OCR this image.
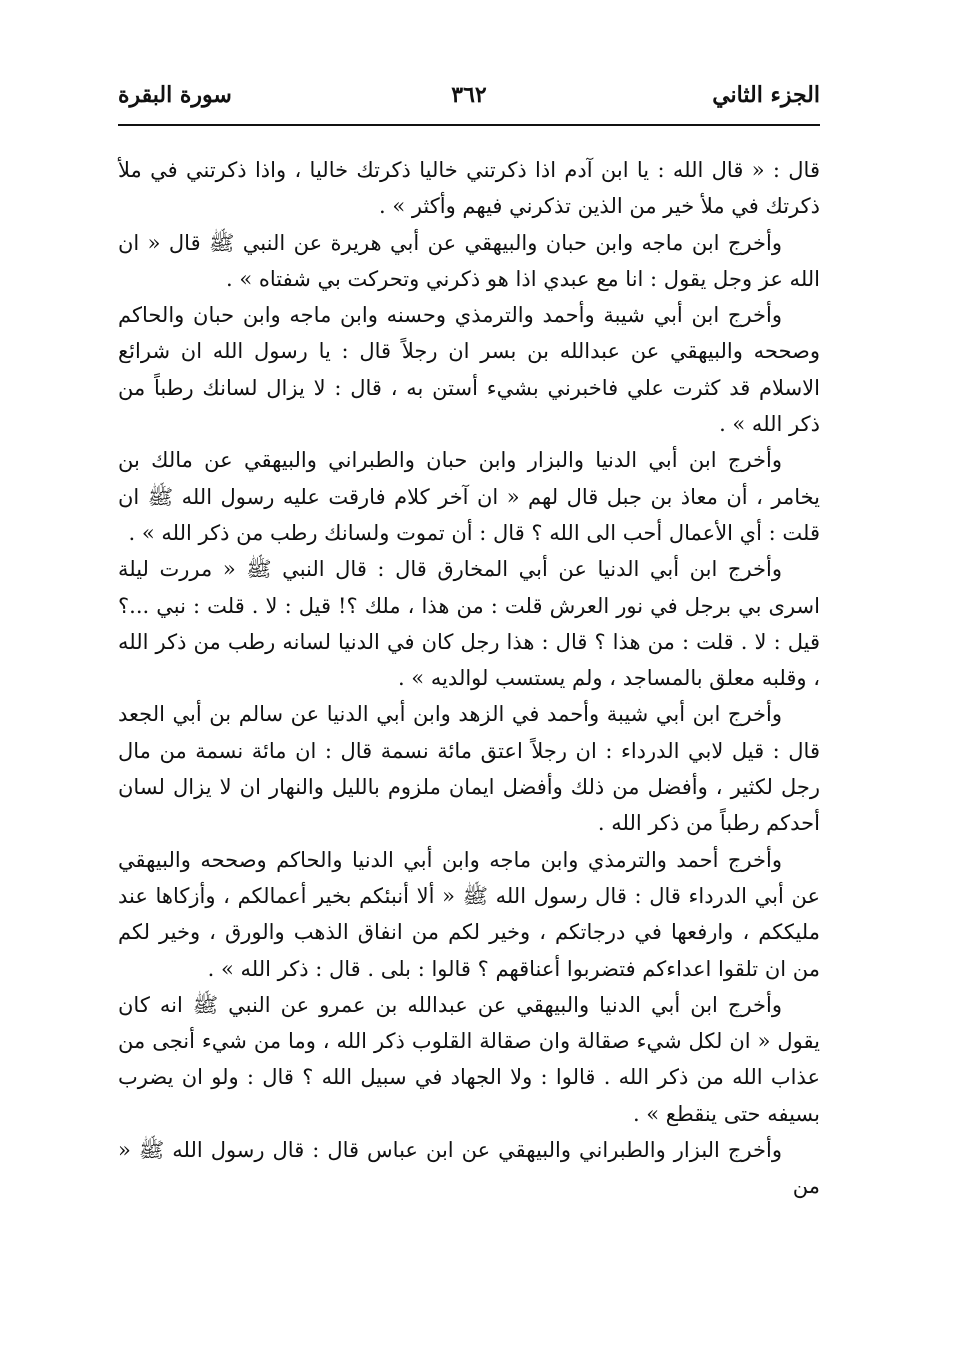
الجزء الثاني
٣٦٢
سورة البقرة

قال : « قال الله : يا ابن آدم اذا ذكرتني خاليا ذكرتك خاليا ، واذا ذكرتني في ملأ ذكرتك في ملأ خير من الذين تذكرني فيهم وأكثر » .

وأخرج ابن ماجه وابن حبان والبيهقي عن أبي هريرة عن النبي ﷺ قال « ان الله عز وجل يقول : انا مع عبدي اذا هو ذكرني وتحركت بي شفتاه » .

وأخرج ابن أبي شيبة وأحمد والترمذي وحسنه وابن ماجه وابن حبان والحاكم وصححه والبيهقي عن عبدالله بن بسر ان رجلاً قال : يا رسول الله ان شرائع الاسلام قد كثرت علي فاخبرني بشيء أستن به ، قال : لا يزال لسانك رطباً من ذكر الله » .

وأخرج ابن أبي الدنيا والبزار وابن حبان والطبراني والبيهقي عن مالك بن يخامر ، أن معاذ بن جبل قال لهم « ان آخر كلام فارقت عليه رسول الله ﷺ ان قلت : أي الأعمال أحب الى الله ؟ قال : أن تموت ولسانك رطب من ذكر الله » .

وأخرج ابن أبي الدنيا عن أبي المخارق قال : قال النبي ﷺ « مررت ليلة اسرى بي برجل في نور العرش قلت : من هذا ، ملك ؟! قيل : لا . قلت : نبي ...؟ قيل : لا . قلت : من هذا ؟ قال : هذا رجل كان في الدنيا لسانه رطب من ذكر الله ، وقلبه معلق بالمساجد ، ولم يستسب لوالديه » .

وأخرج ابن أبي شيبة وأحمد في الزهد وابن أبي الدنيا عن سالم بن أبي الجعد قال : قيل لابي الدرداء : ان رجلاً اعتق مائة نسمة قال : ان مائة نسمة من مال رجل لكثير ، وأفضل من ذلك وأفضل ايمان ملزوم بالليل والنهار ان لا يزال لسان أحدكم رطباً من ذكر الله .

وأخرج أحمد والترمذي وابن ماجه وابن أبي الدنيا والحاكم وصححه والبيهقي عن أبي الدرداء قال : قال رسول الله ﷺ « ألا أنبئكم بخير أعمالكم ، وأزكاها عند مليككم ، وارفعها في درجاتكم ، وخير لكم من انفاق الذهب والورق ، وخير لكم من ان تلقوا اعداءكم فتضربوا أعناقهم ؟ قالوا : بلى . قال : ذكر الله » .

وأخرج ابن أبي الدنيا والبيهقي عن عبدالله بن عمرو عن النبي ﷺ انه كان يقول « ان لكل شيء صقالة وان صقالة القلوب ذكر الله ، وما من شيء أنجى من عذاب الله من ذكر الله . قالوا : ولا الجهاد في سبيل الله ؟ قال : ولو ان يضرب بسيفه حتى ينقطع » .

وأخرج البزار والطبراني والبيهقي عن ابن عباس قال : قال رسول الله ﷺ « من
